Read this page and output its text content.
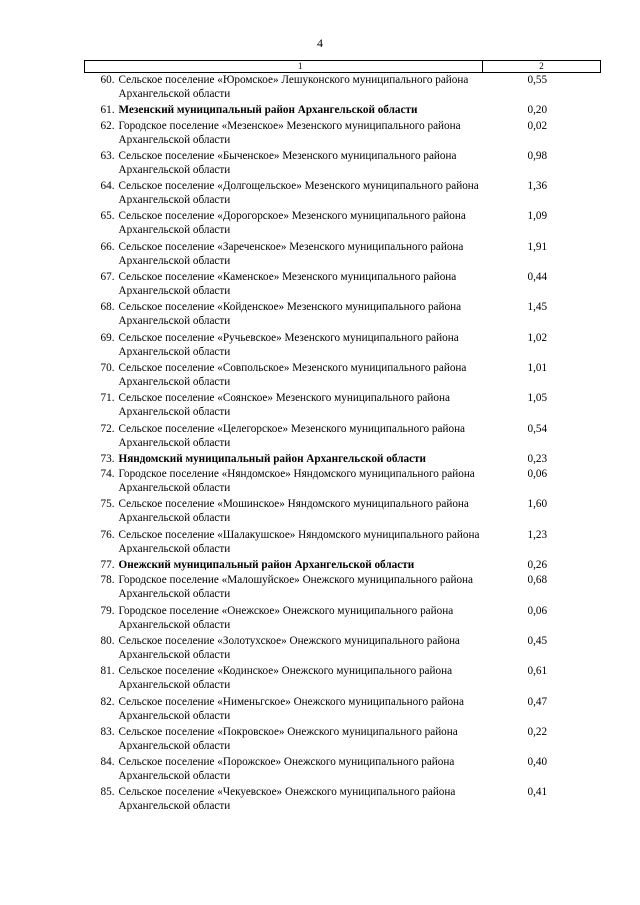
4
	1	2
60.	Сельское поселение «Юромское» Лешуконского муниципального района Архангельской области	0,55
61.	Мезенский муниципальный район Архангельской области	0,20
62.	Городское поселение «Мезенское» Мезенского муниципального района Архангельской области	0,02
63.	Сельское поселение «Быченское» Мезенского муниципального района Архангельской области	0,98
64.	Сельское поселение «Долгощельское» Мезенского муниципального района Архангельской области	1,36
65.	Сельское поселение «Дорогорское» Мезенского муниципального района Архангельской области	1,09
66.	Сельское поселение «Зареченское» Мезенского муниципального района Архангельской области	1,91
67.	Сельское поселение «Каменское» Мезенского муниципального района Архангельской области	0,44
68.	Сельское поселение «Койденское» Мезенского муниципального района Архангельской области	1,45
69.	Сельское поселение «Ручьевское» Мезенского муниципального района Архангельской области	1,02
70.	Сельское поселение «Совпольское» Мезенского муниципального района Архангельской области	1,01
71.	Сельское поселение «Соянское» Мезенского муниципального района Архангельской области	1,05
72.	Сельское поселение «Целегорское» Мезенского муниципального района Архангельской области	0,54
73.	Няндомский муниципальный район Архангельской области	0,23
74.	Городское поселение «Няндомское» Няндомского муниципального района Архангельской области	0,06
75.	Сельское поселение «Мошинское» Няндомского муниципального района Архангельской области	1,60
76.	Сельское поселение «Шалакушское» Няндомского муниципального района Архангельской области	1,23
77.	Онежский муниципальный район Архангельской области	0,26
78.	Городское поселение «Малошуйское» Онежского муниципального района Архангельской области	0,68
79.	Городское поселение «Онежское» Онежского муниципального района Архангельской области	0,06
80.	Сельское поселение «Золотухское» Онежского муниципального района Архангельской области	0,45
81.	Сельское поселение «Кодинское» Онежского муниципального района Архангельской области	0,61
82.	Сельское поселение «Нименьгское» Онежского муниципального района Архангельской области	0,47
83.	Сельское поселение «Покровское» Онежского муниципального района Архангельской области	0,22
84.	Сельское поселение «Порожское» Онежского муниципального района Архангельской области	0,40
85.	Сельское поселение «Чекуевское» Онежского муниципального района Архангельской области	0,41
